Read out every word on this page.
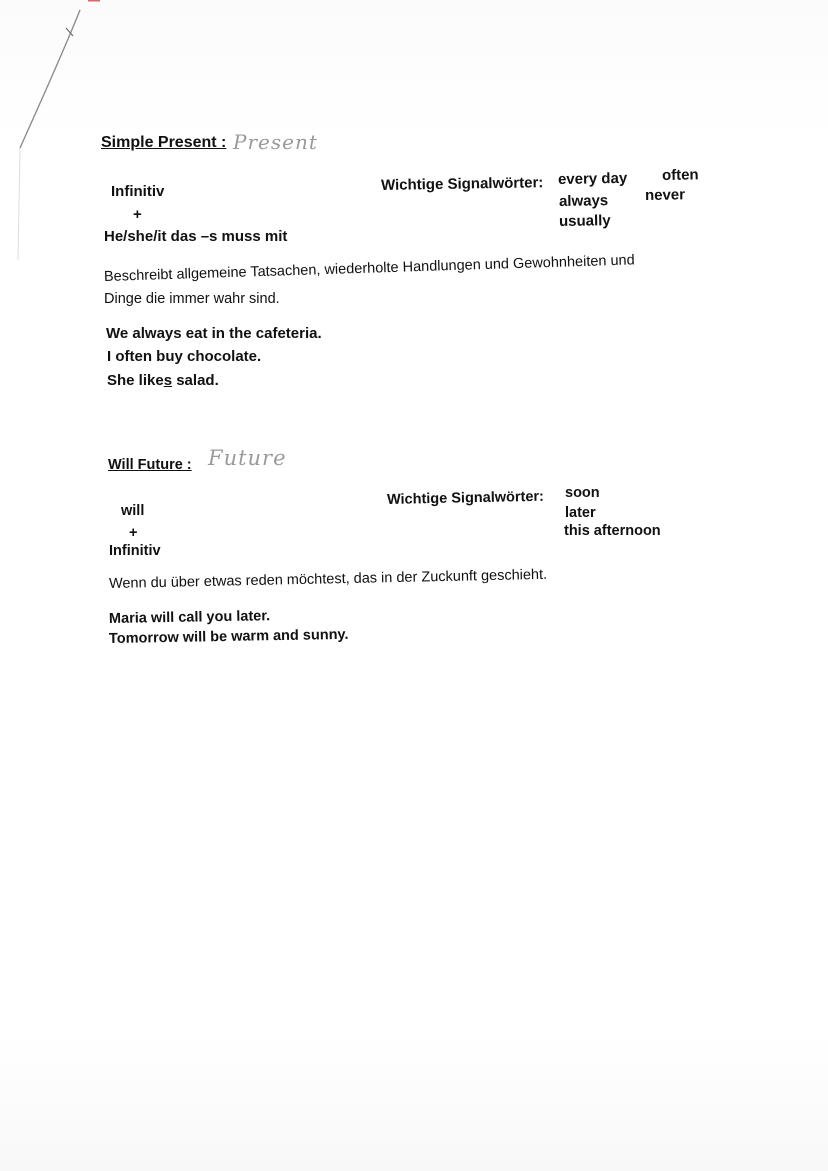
Simple Present : Present
Infinitiv
+
He/she/it das –s muss mit
Wichtige Signalwörter: every day often
always never
usually
Beschreibt allgemeine Tatsachen, wiederholte Handlungen und Gewohnheiten und
Dinge die immer wahr sind.
We always eat in the cafeteria.
I often buy chocolate.
She likes salad.
Will Future : Future
will
+
Infinitiv
Wichtige Signalwörter: soon
later
this afternoon
Wenn du über etwas reden möchtest, das in der Zuckunft geschieht.
Maria will call you later.
Tomorrow will be warm and sunny.
